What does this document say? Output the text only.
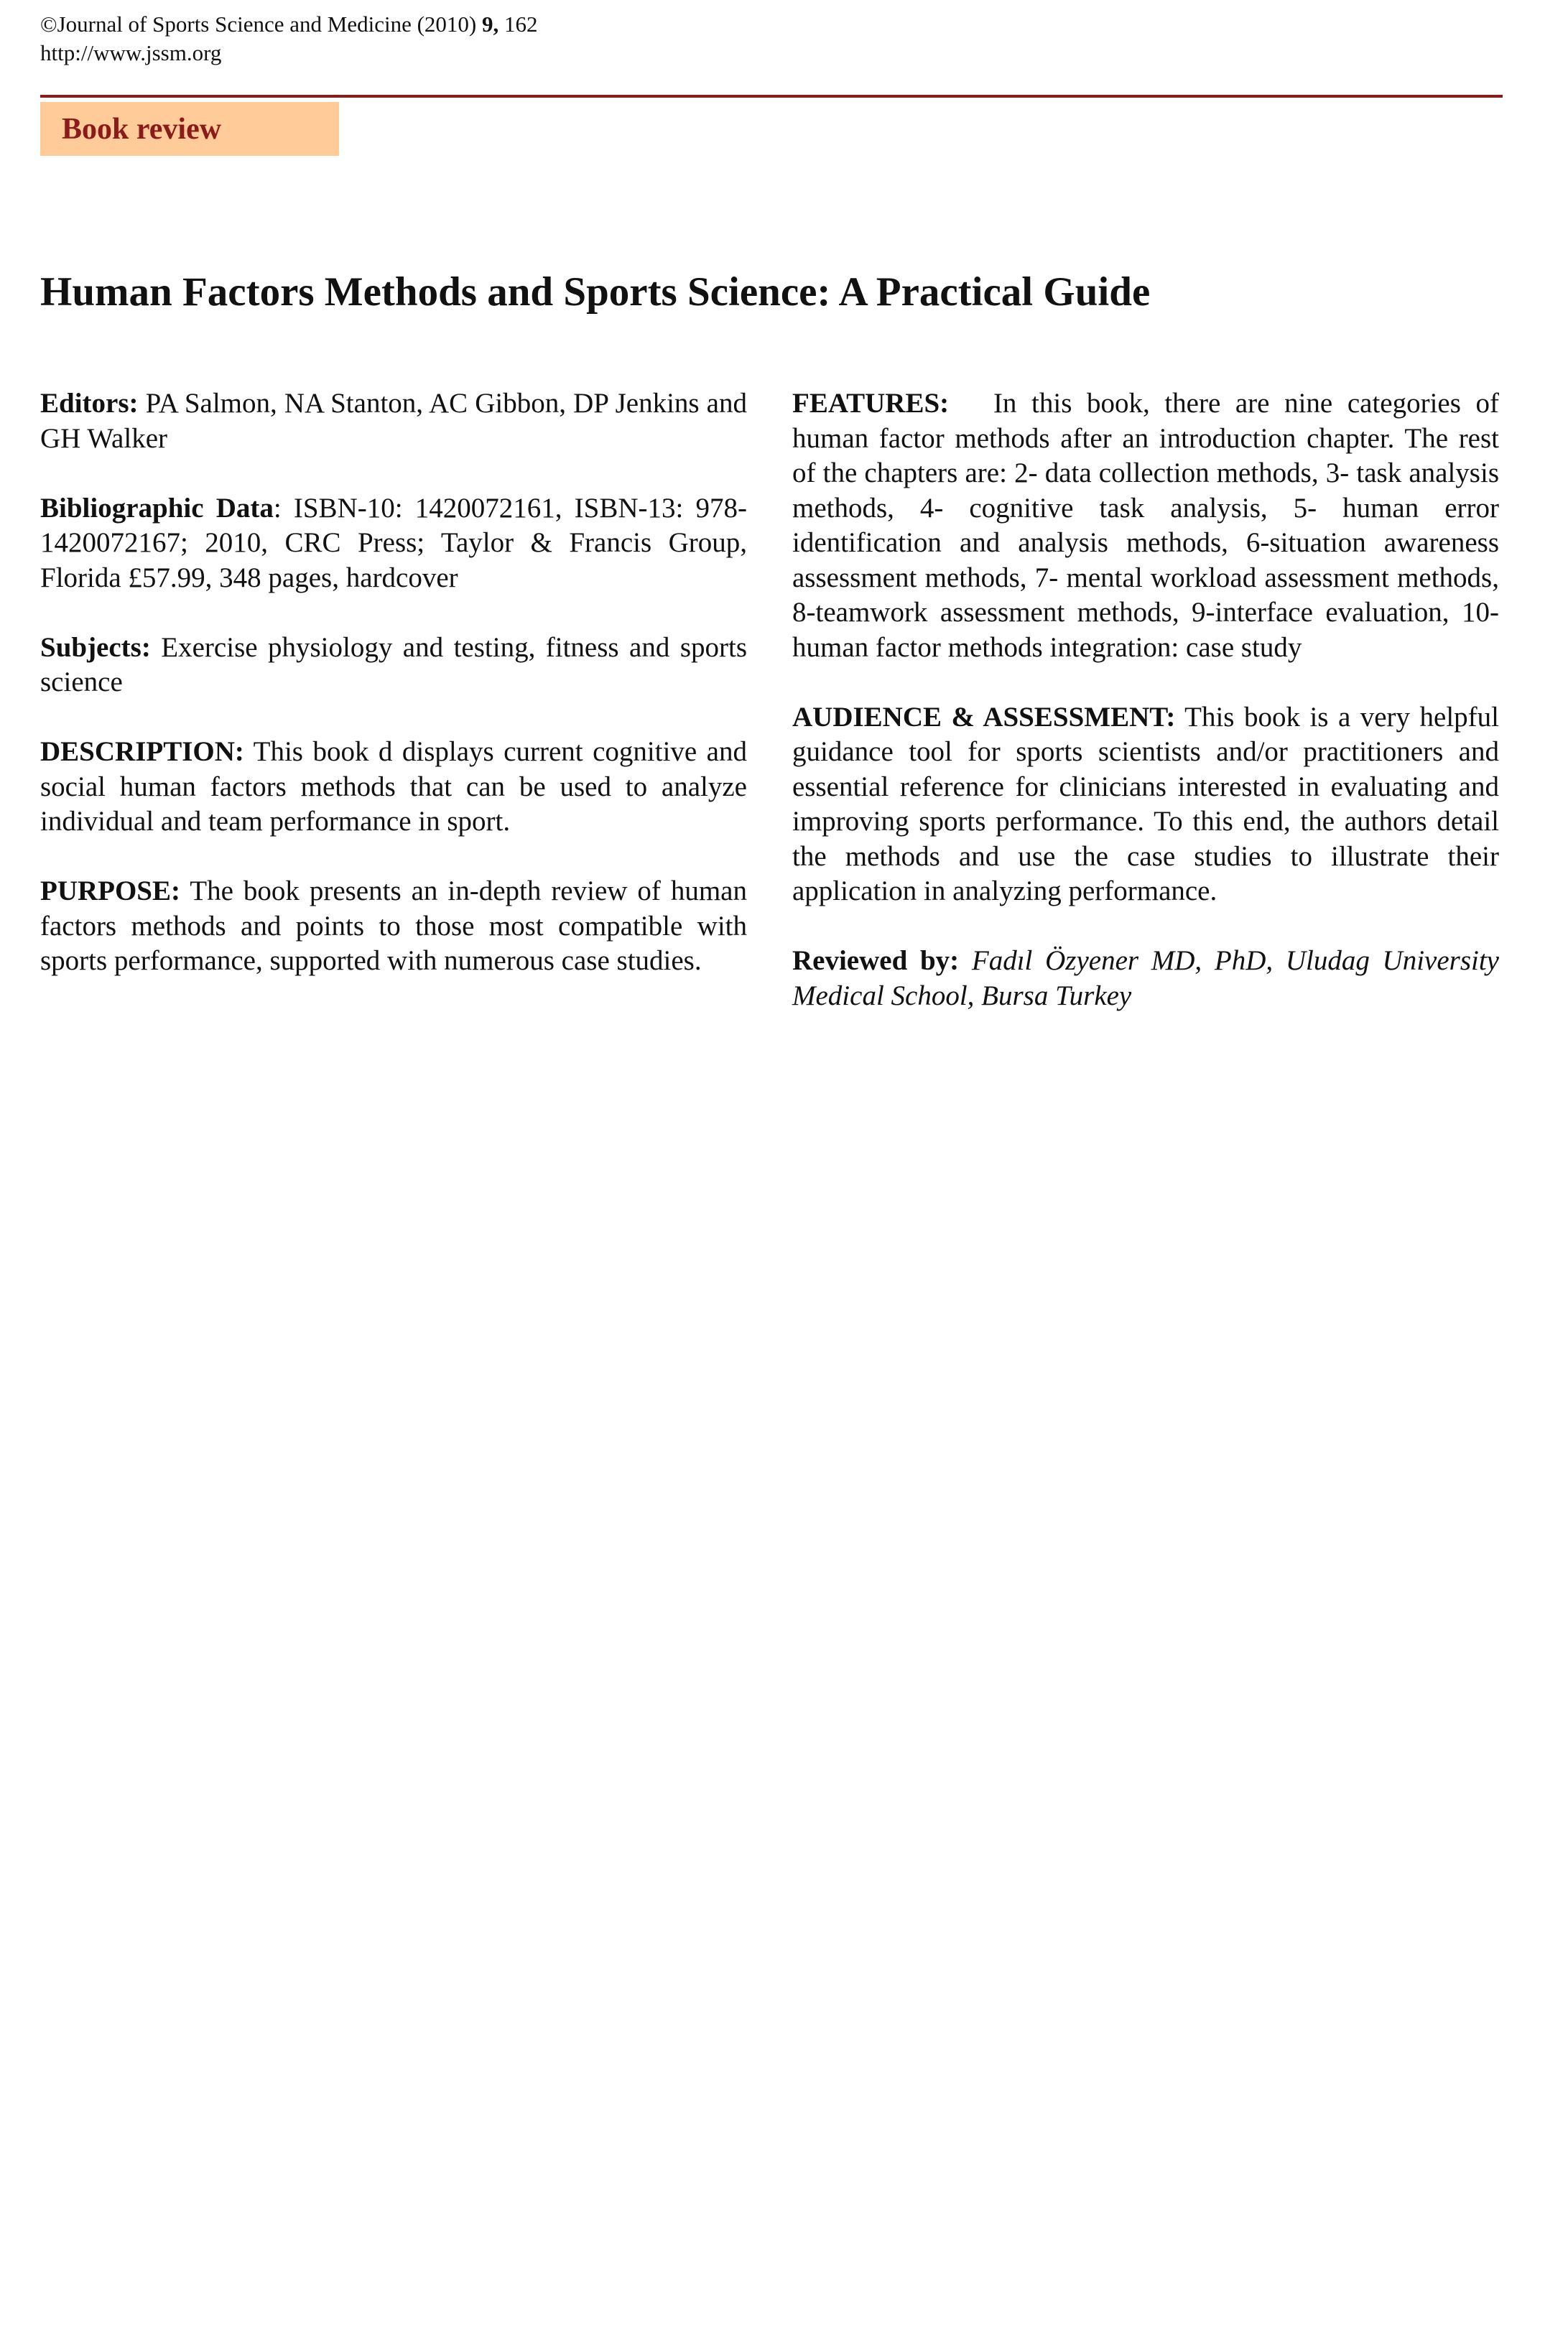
©Journal of Sports Science and Medicine (2010) 9, 162
http://www.jssm.org
Book review
Human Factors Methods and Sports Science: A Practical Guide

Editors: PA Salmon, NA Stanton, AC Gibbon, DP Jenkins and GH Walker

Bibliographic Data: ISBN-10: 1420072161, ISBN-13: 978-1420072167; 2010, CRC Press; Taylor & Francis Group, Florida £57.99, 348 pages, hardcover

Subjects: Exercise physiology and testing, fitness and sports science

DESCRIPTION: This book d displays current cognitive and social human factors methods that can be used to analyze individual and team performance in sport.

PURPOSE: The book presents an in-depth review of human factors methods and points to those most compatible with sports performance, supported with numerous case studies.

FEATURES:   In this book, there are nine categories of human factor methods after an introduction chapter. The rest of the chapters are: 2- data collection methods, 3- task analysis methods, 4- cognitive task analysis, 5- human error identification and analysis methods, 6-situation awareness assessment methods, 7- mental workload assessment methods, 8-teamwork assessment methods, 9-interface evaluation, 10- human factor methods integration: case study

AUDIENCE & ASSESSMENT: This book is a very helpful guidance tool for sports scientists and/or practitioners and essential reference for clinicians interested in evaluating and improving sports performance. To this end, the authors detail the methods and use the case studies to illustrate their application in analyzing performance.

Reviewed by: Fadıl Özyener MD, PhD, Uludag University Medical School, Bursa Turkey
